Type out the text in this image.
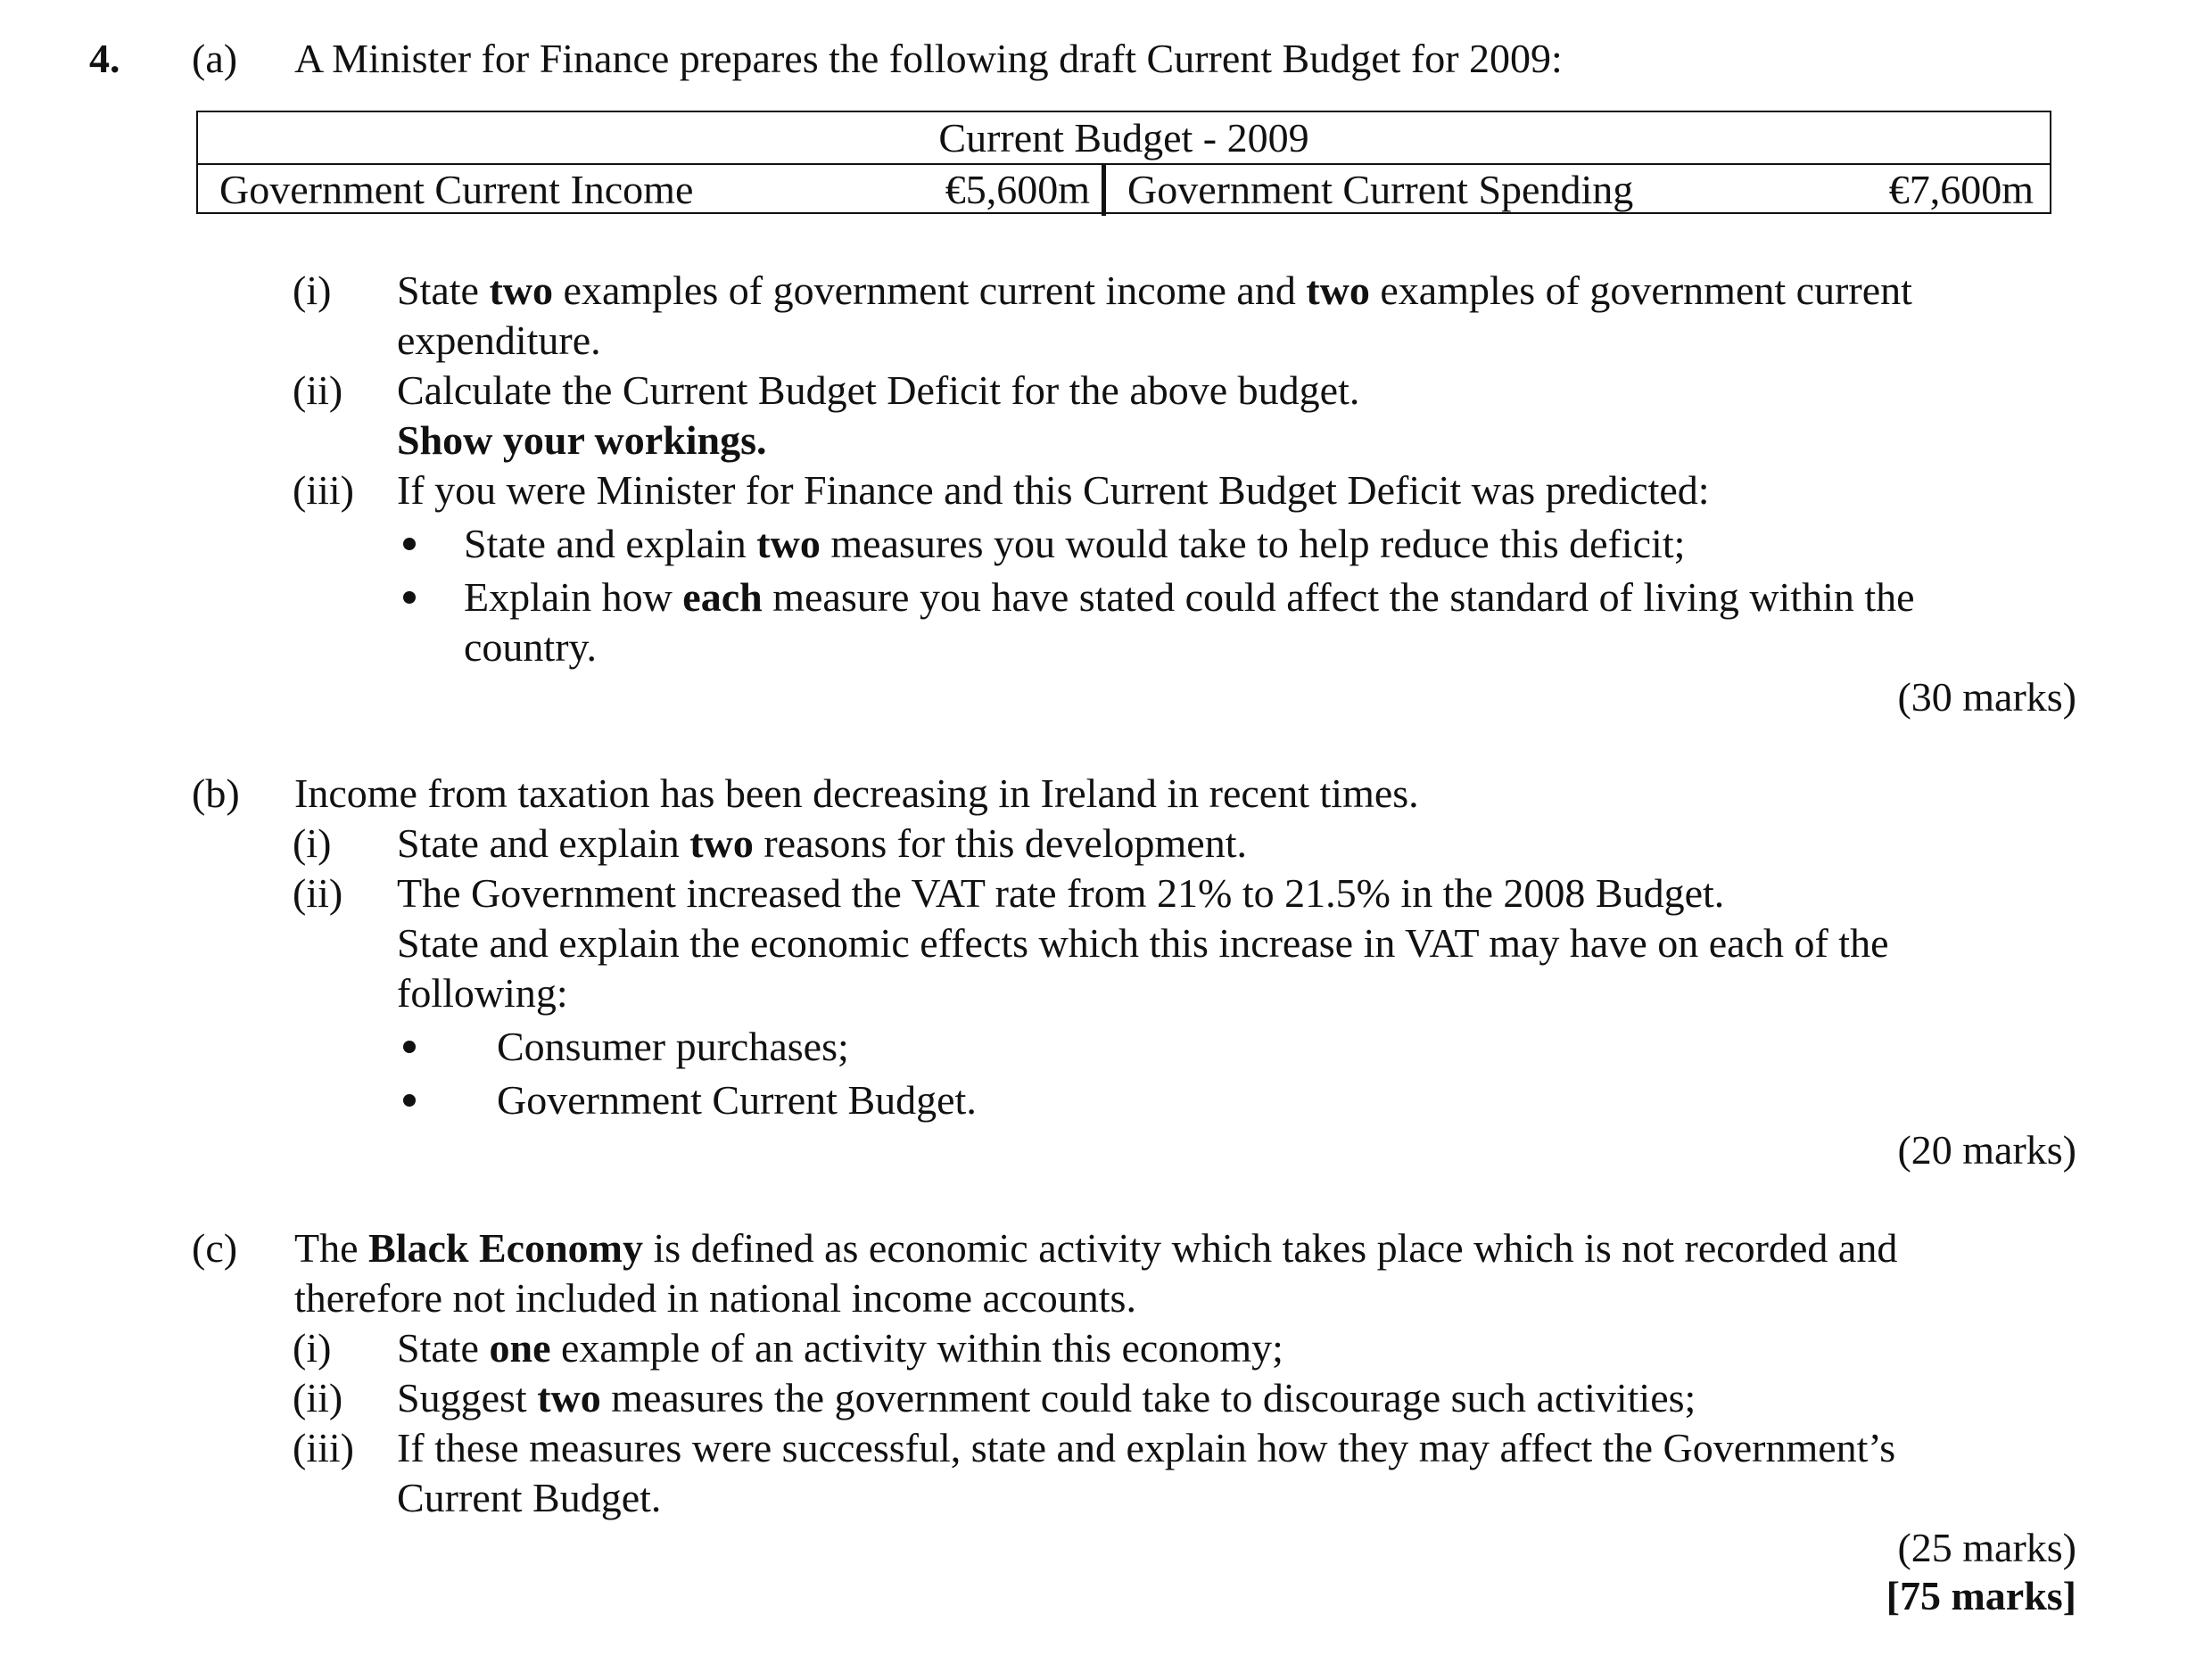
4. (a) A Minister for Finance prepares the following draft Current Budget for 2009:
Current Budget - 2009
Government Current Income	€5,600m Government Current Spending	€7,600m
(i) State two examples of government current income and two examples of government current
expenditure.
(ii) Calculate the Current Budget Deficit for the above budget.
Show your workings.
(iii) If you were Minister for Finance and this Current Budget Deficit was predicted:
State and explain two measures you would take to help reduce this deficit;
Explain how each measure you have stated could affect the standard of living within the
country.
(30 marks)
(b) Income from taxation has been decreasing in Ireland in recent times.
(i) State and explain two reasons for this development.
(ii) The Government increased the VAT rate from 21% to 21.5% in the 2008 Budget.
State and explain the economic effects which this increase in VAT may have on each of the
following:
Consumer purchases;
Government Current Budget.
(20 marks)
(c) The Black Economy is defined as economic activity which takes place which is not recorded and
therefore not included in national income accounts.
(i) State one example of an activity within this economy;
(ii) Suggest two measures the government could take to discourage such activities;
(iii) If these measures were successful, state and explain how they may affect the Government’s
Current Budget.
(25 marks)
[75 marks]
